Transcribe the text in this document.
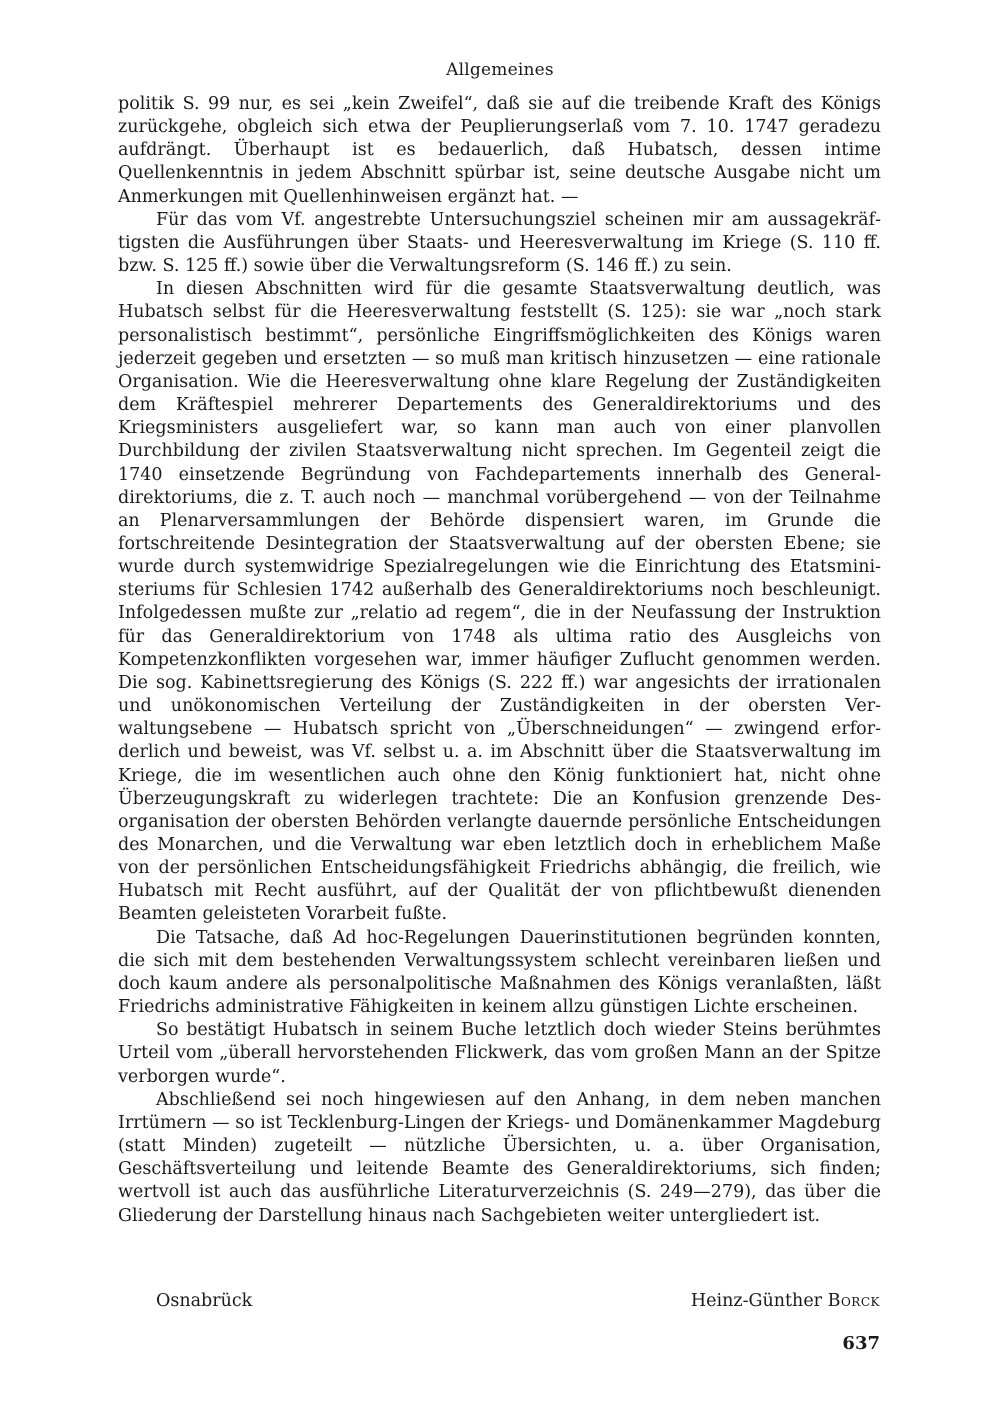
Allgemeines

politik S. 99 nur, es sei „kein Zweifel“, daß sie auf die treibende Kraft des Königs zurückgehe, obgleich sich etwa der Peuplierungserlaß vom 7. 10. 1747 geradezu aufdrängt. Überhaupt ist es bedauerlich, daß Hubatsch, dessen intime Quellenkenntnis in jedem Abschnitt spürbar ist, seine deutsche Ausgabe nicht um Anmerkungen mit Quellenhinweisen ergänzt hat. —

Für das vom Vf. angestrebte Untersuchungsziel scheinen mir am aussagekräftigsten die Ausführungen über Staats- und Heeresverwaltung im Kriege (S. 110 ff. bzw. S. 125 ff.) sowie über die Verwaltungsreform (S. 146 ff.) zu sein.

In diesen Abschnitten wird für die gesamte Staatsverwaltung deutlich, was Hubatsch selbst für die Heeresverwaltung feststellt (S. 125): sie war „noch stark personalistisch bestimmt“, persönliche Eingriffsmöglichkeiten des Königs waren jederzeit gegeben und ersetzten — so muß man kritisch hinzusetzen — eine rationale Organisation. Wie die Heeresverwaltung ohne klare Regelung der Zuständigkeiten dem Kräftespiel mehrerer Departements des Generaldirektoriums und des Kriegsministers ausgeliefert war, so kann man auch von einer planvollen Durchbildung der zivilen Staatsverwaltung nicht sprechen. Im Gegenteil zeigt die 1740 einsetzende Begründung von Fachdepartements innerhalb des Generaldirektoriums, die z. T. auch noch — manchmal vorübergehend — von der Teilnahme an Plenarversammlungen der Behörde dispensiert waren, im Grunde die fortschreitende Desintegration der Staatsverwaltung auf der obersten Ebene; sie wurde durch systemwidrige Spezialregelungen wie die Einrichtung des Etatsministeriums für Schlesien 1742 außerhalb des Generaldirektoriums noch beschleunigt. Infolgedessen mußte zur „relatio ad regem“, die in der Neufassung der Instruktion für das Generaldirektorium von 1748 als ultima ratio des Ausgleichs von Kompetenzkonflikten vorgesehen war, immer häufiger Zuflucht genommen werden. Die sog. Kabinettsregierung des Königs (S. 222 ff.) war angesichts der irrationalen und unökonomischen Verteilung der Zuständigkeiten in der obersten Verwaltungsebene — Hubatsch spricht von „Überschneidungen“ — zwingend erforderlich und beweist, was Vf. selbst u. a. im Abschnitt über die Staatsverwaltung im Kriege, die im wesentlichen auch ohne den König funktioniert hat, nicht ohne Überzeugungskraft zu widerlegen trachtete: Die an Konfusion grenzende Desorganisation der obersten Behörden verlangte dauernde persönliche Entscheidungen des Monarchen, und die Verwaltung war eben letztlich doch in erheblichem Maße von der persönlichen Entscheidungsfähigkeit Friedrichs abhängig, die freilich, wie Hubatsch mit Recht ausführt, auf der Qualität der von pflichtbewußt dienenden Beamten geleisteten Vorarbeit fußte.

Die Tatsache, daß Ad hoc-Regelungen Dauerinstitutionen begründen konnten, die sich mit dem bestehenden Verwaltungssystem schlecht vereinbaren ließen und doch kaum andere als personalpolitische Maßnahmen des Königs veranlaßten, läßt Friedrichs administrative Fähigkeiten in keinem allzu günstigen Lichte erscheinen.

So bestätigt Hubatsch in seinem Buche letztlich doch wieder Steins berühmtes Urteil vom „überall hervorstehenden Flickwerk, das vom großen Mann an der Spitze verborgen wurde“.

Abschließend sei noch hingewiesen auf den Anhang, in dem neben manchen Irrtümern — so ist Tecklenburg-Lingen der Kriegs- und Domänenkammer Magdeburg (statt Minden) zugeteilt — nützliche Übersichten, u. a. über Organisation, Geschäftsverteilung und leitende Beamte des Generaldirektoriums, sich finden; wertvoll ist auch das ausführliche Literaturverzeichnis (S. 249—279), das über die Gliederung der Darstellung hinaus nach Sachgebieten weiter untergliedert ist.

Osnabrück	Heinz-Günther Borck
637
